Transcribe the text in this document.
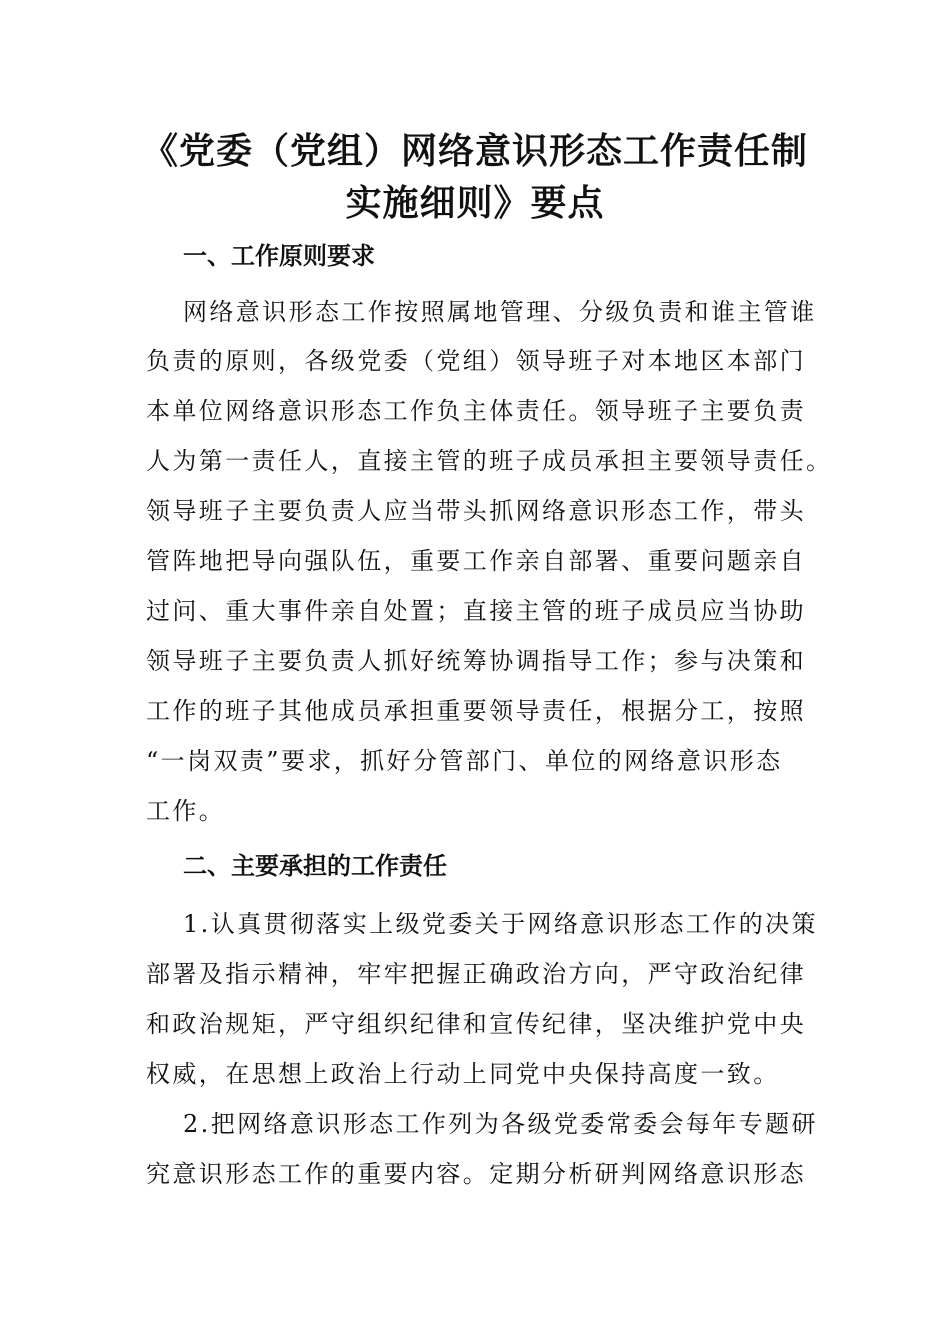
《党委（党组）网络意识形态工作责任制
实施细则》要点
一、工作原则要求

网络意识形态工作按照属地管理、分级负责和谁主管谁

负责的原则，各级党委（党组）领导班子对本地区本部门

本单位网络意识形态工作负主体责任。领导班子主要负责

人为第一责任人，直接主管的班子成员承担主要领导责任。

领导班子主要负责人应当带头抓网络意识形态工作，带头

管阵地把导向强队伍，重要工作亲自部署、重要问题亲自

过问、重大事件亲自处置；直接主管的班子成员应当协助

领导班子主要负责人抓好统筹协调指导工作；参与决策和

工作的班子其他成员承担重要领导责任，根据分工，按照

“一岗双责”要求，抓好分管部门、单位的网络意识形态

工作。

二、主要承担的工作责任

1.认真贯彻落实上级党委关于网络意识形态工作的决策

部署及指示精神，牢牢把握正确政治方向，严守政治纪律

和政治规矩，严守组织纪律和宣传纪律，坚决维护党中央

权威，在思想上政治上行动上同党中央保持高度一致。

2.把网络意识形态工作列为各级党委常委会每年专题研

究意识形态工作的重要内容。定期分析研判网络意识形态
